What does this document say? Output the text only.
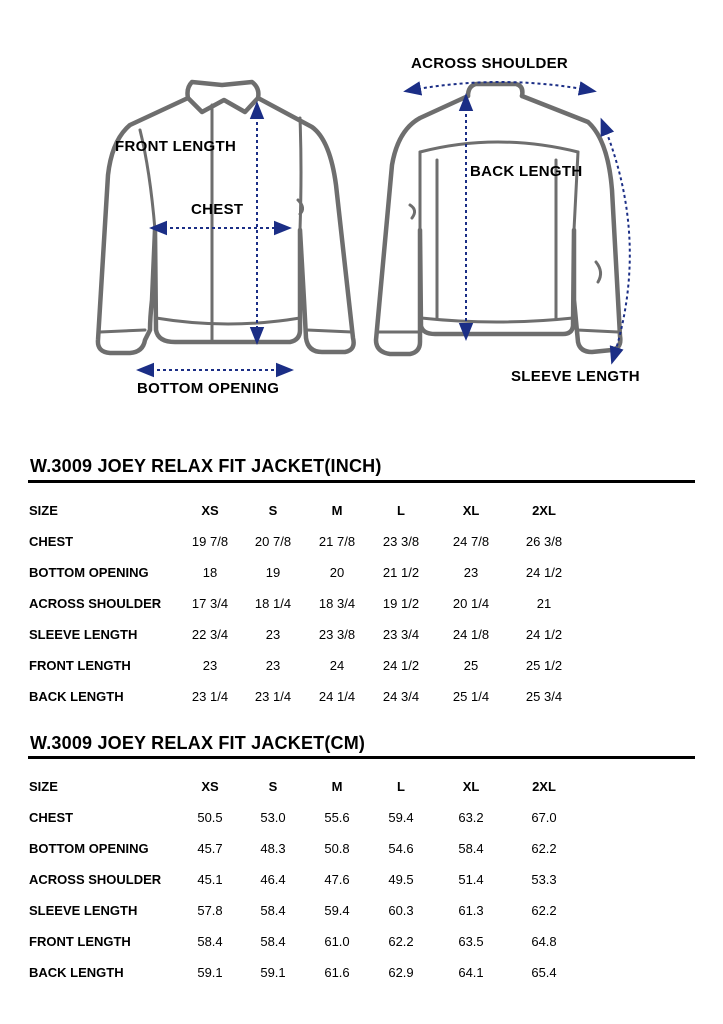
FRONT LENGTH
CHEST
BOTTOM OPENING
ACROSS SHOULDER
BACK LENGTH
SLEEVE LENGTH
W.3009 JOEY RELAX FIT JACKET(INCH)
SIZE	XS	S	M	L	XL	2XL
CHEST	19 7/8	20 7/8	21 7/8	23 3/8	24 7/8	26 3/8
BOTTOM OPENING	18	19	20	21 1/2	23	24 1/2
ACROSS SHOULDER	17 3/4	18 1/4	18 3/4	19 1/2	20 1/4	21
SLEEVE LENGTH	22 3/4	23	23 3/8	23 3/4	24 1/8	24 1/2
FRONT LENGTH	23	23	24	24 1/2	25	25 1/2
BACK LENGTH	23 1/4	23 1/4	24 1/4	24 3/4	25 1/4	25 3/4
W.3009 JOEY RELAX FIT JACKET(CM)
SIZE	XS	S	M	L	XL	2XL
CHEST	50.5	53.0	55.6	59.4	63.2	67.0
BOTTOM OPENING	45.7	48.3	50.8	54.6	58.4	62.2
ACROSS SHOULDER	45.1	46.4	47.6	49.5	51.4	53.3
SLEEVE LENGTH	57.8	58.4	59.4	60.3	61.3	62.2
FRONT LENGTH	58.4	58.4	61.0	62.2	63.5	64.8
BACK LENGTH	59.1	59.1	61.6	62.9	64.1	65.4
